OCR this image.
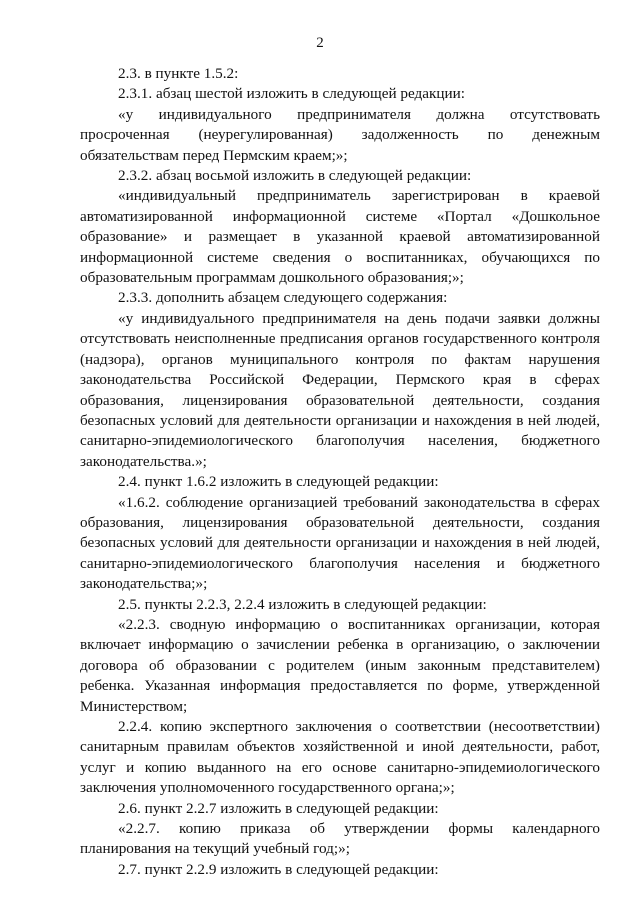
2

2.3. в пункте 1.5.2:

2.3.1. абзац шестой изложить в следующей редакции:

«у индивидуального предпринимателя должна отсутствовать просроченная (неурегулированная) задолженность по денежным обязательствам перед Пермским краем;»;

2.3.2. абзац восьмой изложить в следующей редакции:

«индивидуальный предприниматель зарегистрирован в краевой автоматизированной информационной системе «Портал «Дошкольное образование» и размещает в указанной краевой автоматизированной информационной системе сведения о воспитанниках, обучающихся по образовательным программам дошкольного образования;»;

2.3.3. дополнить абзацем следующего содержания:

«у индивидуального предпринимателя на день подачи заявки должны отсутствовать неисполненные предписания органов государственного контроля (надзора), органов муниципального контроля по фактам нарушения законодательства Российской Федерации, Пермского края в сферах образования, лицензирования образовательной деятельности, создания безопасных условий для деятельности организации и нахождения в ней людей, санитарно-эпидемиологического благополучия населения, бюджетного законодательства.»;

2.4. пункт 1.6.2 изложить в следующей редакции:

«1.6.2. соблюдение организацией требований законодательства в сферах образования, лицензирования образовательной деятельности, создания безопасных условий для деятельности организации и нахождения в ней людей, санитарно-эпидемиологического благополучия населения и бюджетного законодательства;»;

2.5. пункты 2.2.3, 2.2.4 изложить в следующей редакции:

«2.2.3. сводную информацию о воспитанниках организации, которая включает информацию о зачислении ребенка в организацию, о заключении договора об образовании с родителем (иным законным представителем) ребенка. Указанная информация предоставляется по форме, утвержденной Министерством;

2.2.4. копию экспертного заключения о соответствии (несоответствии) санитарным правилам объектов хозяйственной и иной деятельности, работ, услуг и копию выданного на его основе санитарно-эпидемиологического заключения уполномоченного государственного органа;»;

2.6. пункт 2.2.7 изложить в следующей редакции:

«2.2.7. копию приказа об утверждении формы календарного планирования на текущий учебный год;»;

2.7. пункт 2.2.9 изложить в следующей редакции:
